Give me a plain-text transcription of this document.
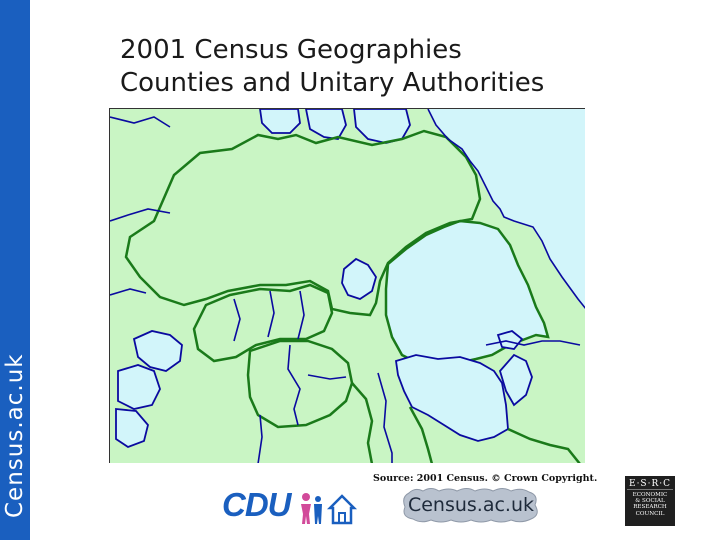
Census.ac.uk
2001 Census Geographies
Counties and Unitary Authorities
Source: 2001 Census. © Crown Copyright.
CDU	Census.ac.uk
E·S·R·C
ECONOMIC
& SOCIAL
RESEARCH
COUNCIL
